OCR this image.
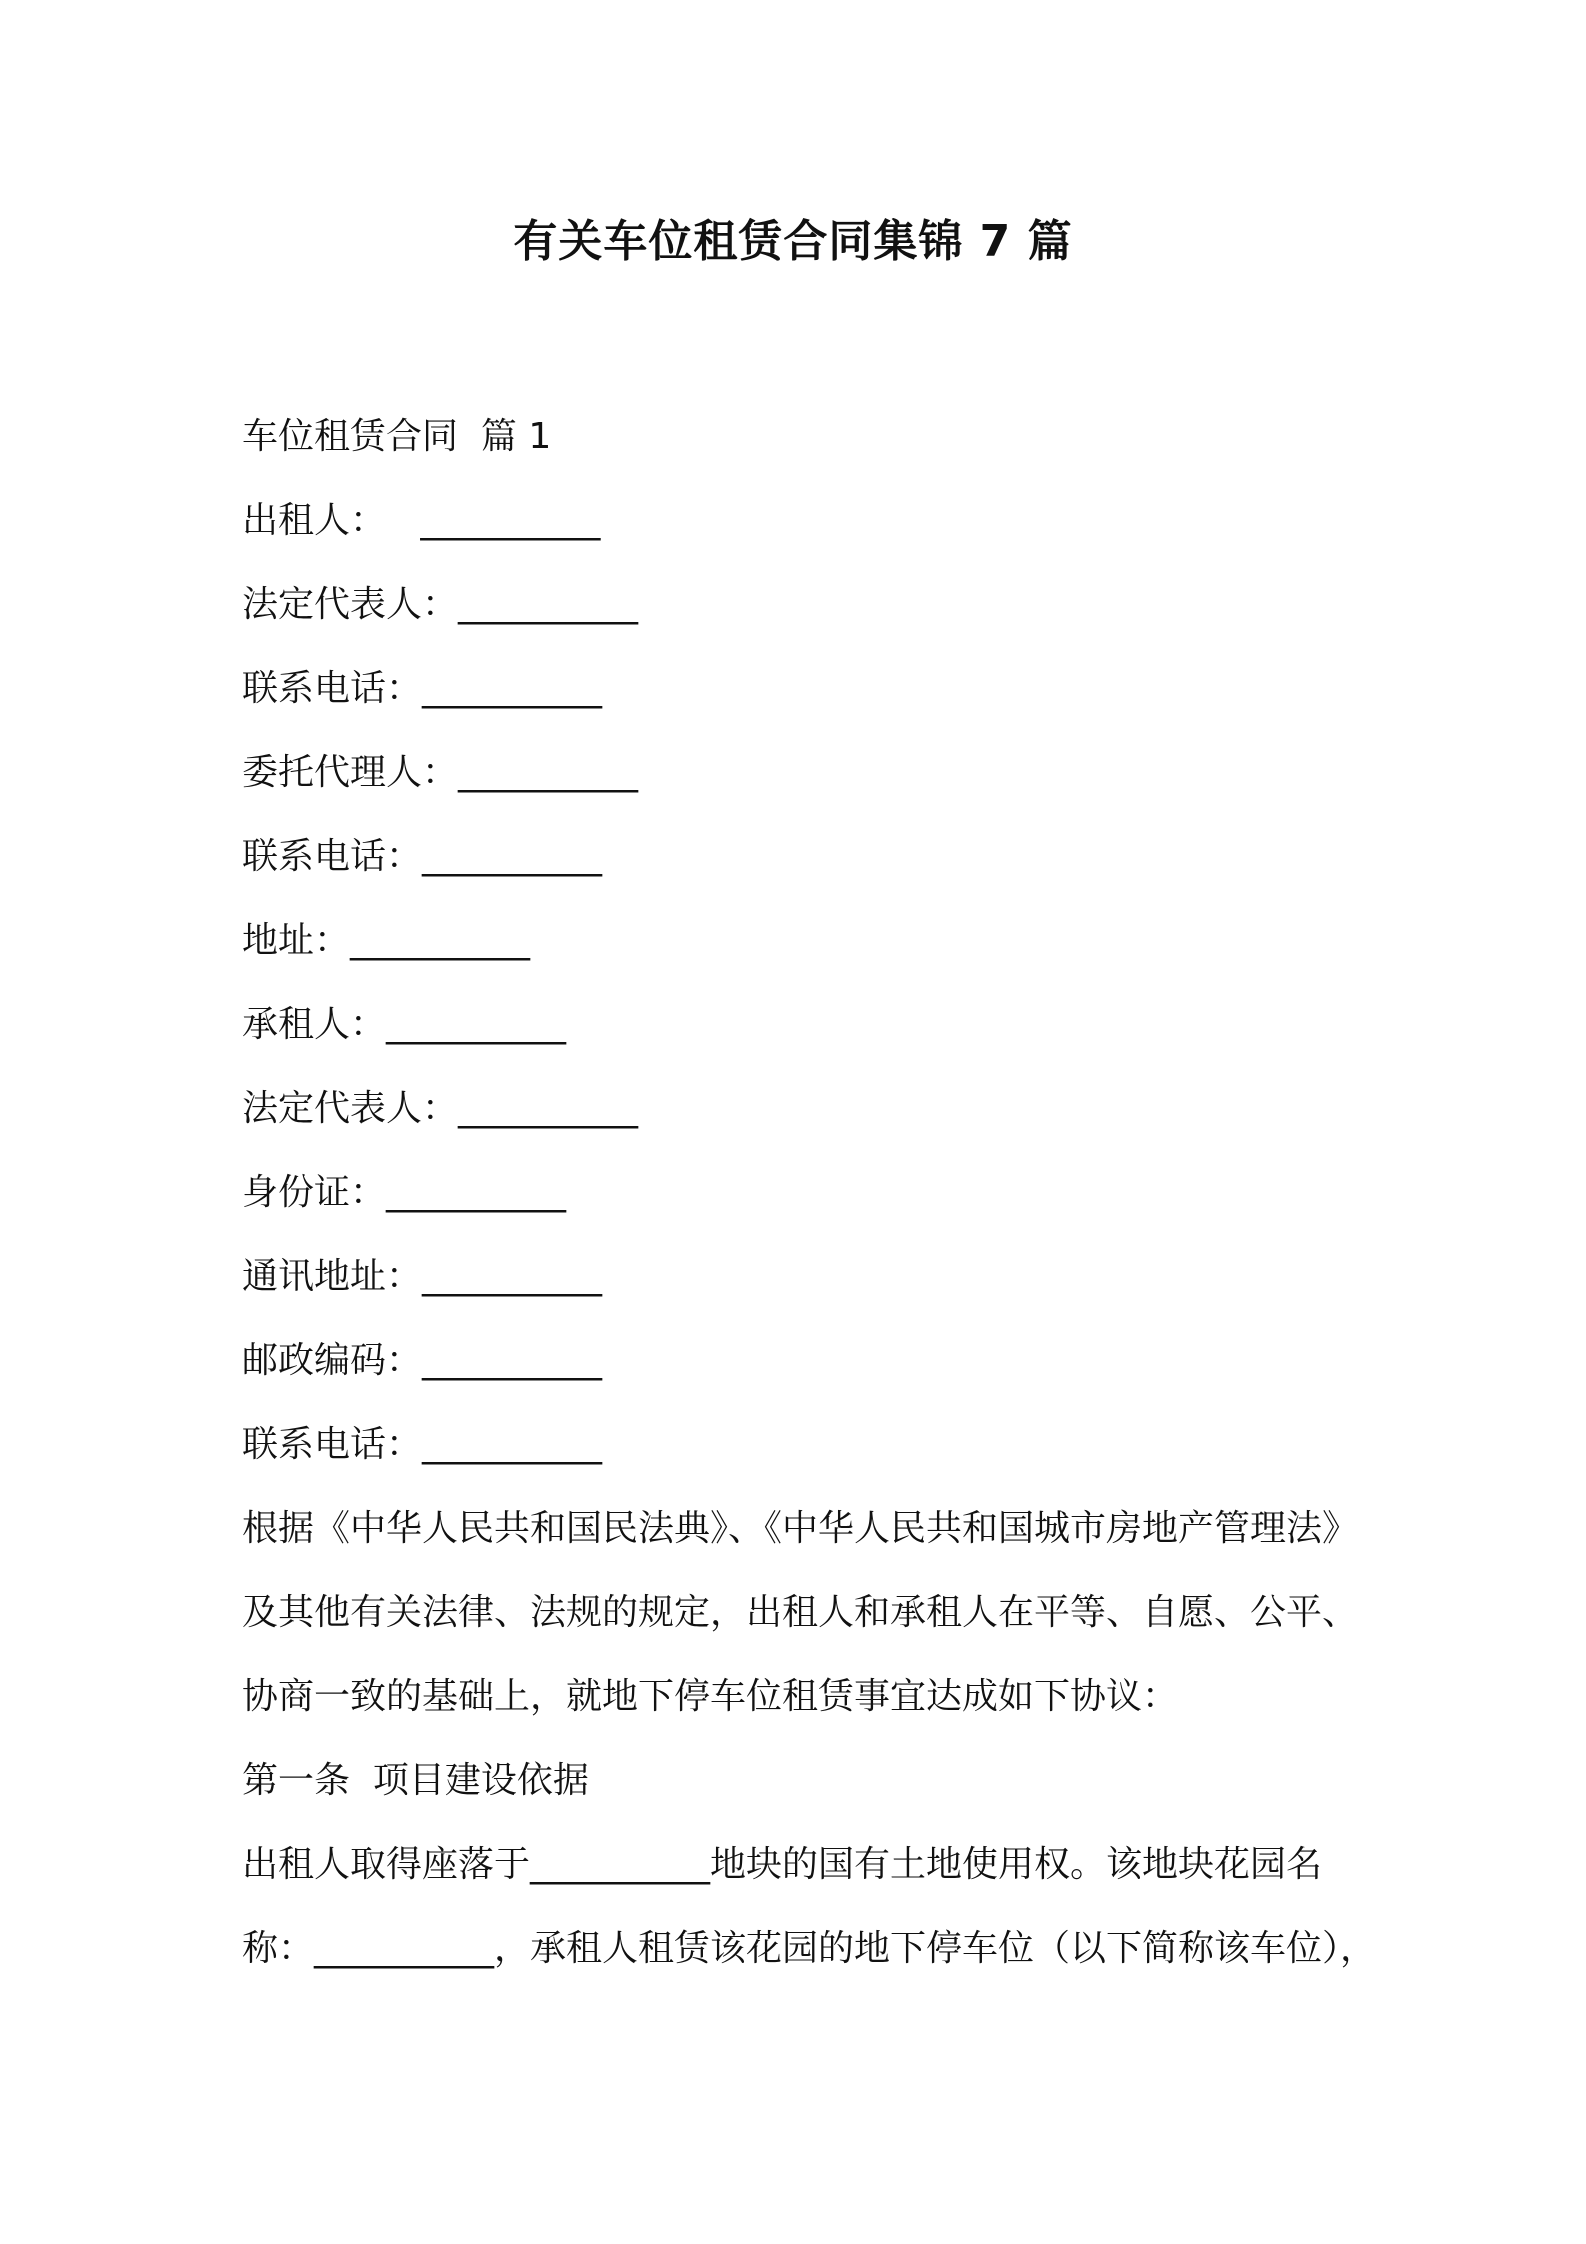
有关车位租赁合同集锦 7 篇
车位租赁合同  篇 1
出租人：   __________
法定代表人：__________
联系电话：__________
委托代理人：__________
联系电话：__________
地址：__________
承租人：__________
法定代表人：__________
身份证：__________
通讯地址：__________
邮政编码：__________
联系电话：__________
根据《中华人民共和国民法典》、《中华人民共和国城市房地产管理法》
及其他有关法律、法规的规定，出租人和承租人在平等、自愿、公平、
协商一致的基础上，就地下停车位租赁事宜达成如下协议：
第一条  项目建设依据
出租人取得座落于__________地块的国有土地使用权。该地块花园名
称：__________，承租人租赁该花园的地下停车位（以下简称该车位），
